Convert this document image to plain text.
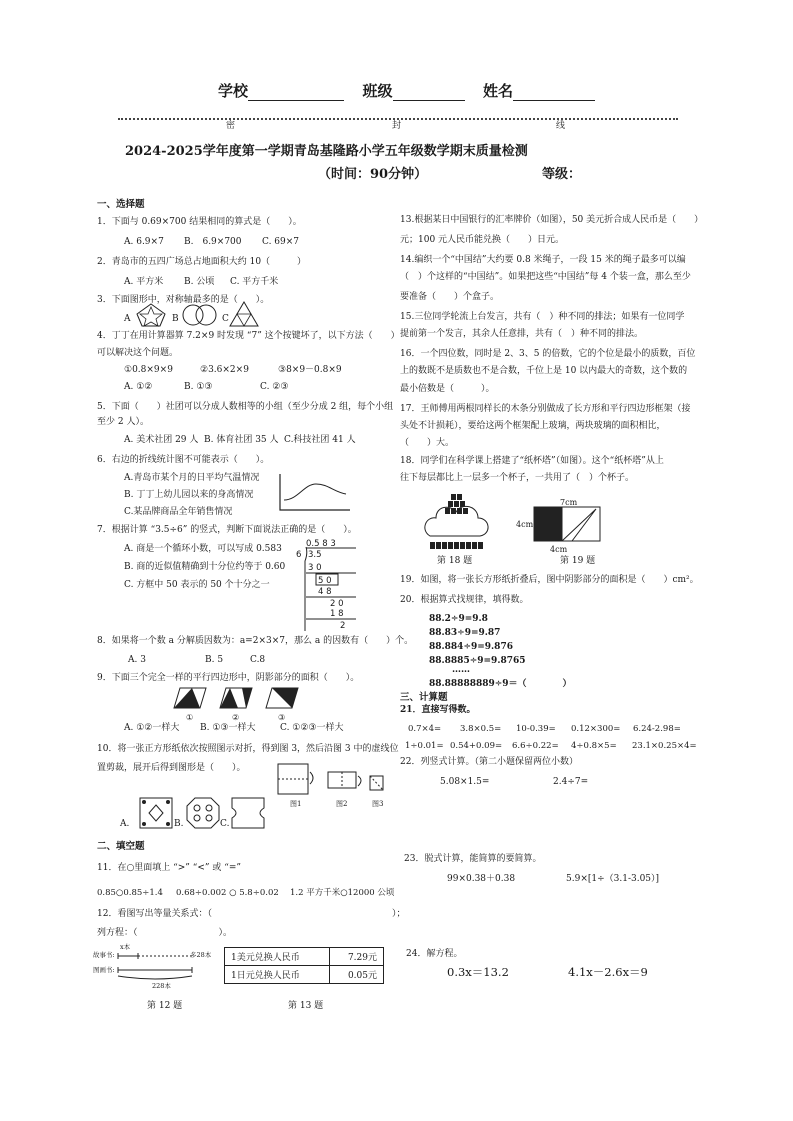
学校	班级	姓名
密	封	线
2024-2025学年度第一学期青岛基隆路小学五年级数学期末质量检测
（时间：90分钟）	等级：
一、选择题
1．下面与 0.69×700 结果相同的算式是（　　）。
A. 6.9×7 B.　6.9×700 C. 69×7
2．青岛市的五四广场总占地面积大约 10（　　　）
A. 平方米 B. 公顷 C. 平方千米
3．下面图形中，对称轴最多的是（　　）。
A	B	C
4．丁丁在用计算器算 7.2×9 时发现 “7” 这个按键坏了，以下方法（　　）
可以解决这个问题。
①0.8×9×9	②3.6×2×9	③8×9－0.8×9
A. ①②	B. ①③	C. ②③
5．下面（　　）社团可以分成人数相等的小组（至少分成 2 组，每个小组
至少 2 人）。
A. 美术社团 29 人 B. 体育社团 35 人 C.科技社团 41 人
6．右边的折线统计图不可能表示（　　）。
A.青岛市某个月的日平均气温情况
B. 丁丁上幼儿园以来的身高情况
C.某品牌商品全年销售情况
7．根据计算 “3.5÷6” 的竖式，判断下面说法正确的是（　　）。
A. 商是一个循环小数，可以写成 0.583
B. 商的近似值精确到十分位约等于 0.60
C. 方框中 50 表示的 50 个十分之一
0.5 8 3
6 3.5
3 0
5 0
4 8
2 0
1 8
2
8．如果将一个数 a 分解质因数为：a=2×3×7，那么 a 的因数有（　　）个。
A. 3	B. 5	C.8
9．下面三个完全一样的平行四边形中，阴影部分的面积（　　）。
①	②	③
A. ①②一样大 B. ①③一样大	C. ①②③一样大
10．将一张正方形纸依次按照图示对折，得到图 3，然后沿图 3 中的虚线位
置剪裁，展开后得到图形是（　　）。
图1	图2	图3
A.	B.	C.
二、填空题
11．在○里面填上 “>” “<” 或 “=”
0.85○0.85÷1.4 0.68÷0.002 ○ 5.8÷0.02 1.2 平方千米○12000 公顷
12．看图写出等量关系式：（　　　　　　　　　　　　　　　　　　　　）；
列方程：（　　　　　　　　　）。
故事书:
x本
多28本
图画书:
228本
第 12 题
1美元兑换人民币	7.29元
1日元兑换人民币	0.05元
第 13 题
13.根据某日中国银行的汇率牌价（如图），50 美元折合成人民币是（　　）
元；100 元人民币能兑换（　　）日元。
14.编织一个“中国结”大约要 0.8 米绳子，一段 15 米的绳子最多可以编
（　）个这样的“中国结”。如果把这些“中国结”每 4 个装一盒，那么至少
要准备（　　）个盒子。
15.三位同学轮流上台发言，共有（　）种不同的排法；如果有一位同学
提前第一个发言，其余人任意排，共有（　）种不同的排法。
16．一个四位数，同时是 2、3、5 的倍数，它的个位是最小的质数，百位
上的数既不是质数也不是合数，千位上是 10 以内最大的奇数，这个数的
最小倍数是（　　　）。
17．王师傅用两根同样长的木条分别做成了长方形和平行四边形框架（接
头处不计损耗），要给这两个框架配上玻璃，两块玻璃的面积相比，
（　　）大。
18．同学们在科学课上搭建了“纸杯塔”（如图）。这个“纸杯塔”从上
往下每层都比上一层多一个杯子，一共用了（　）个杯子。
第 18 题
7cm
4cm
4cm
第 19 题
19．如图，将一张长方形纸折叠后，图中阴影部分的面积是（　　）cm²。
20．根据算式找规律，填得数。
88.2÷9=9.8
88.83÷9=9.87
88.884÷9=9.876
88.8885÷9=9.8765
……
88.88888889÷9＝（　　　　）
三、计算题
21．直接写得数。
0.7×4= 3.8×0.5= 10-0.39= 0.12×300= 6.24-2.98=
1÷0.01= 0.54+0.09= 6.6÷0.22= 4÷0.8×5= 23.1×0.25×4=
22．列竖式计算。（第二小题保留两位小数）
5.08×1.5=	2.4÷7=
23．脱式计算，能简算的要简算。
99×0.38＋0.38	5.9×[1÷（3.1-3.05）]
24．解方程。
0.3x＝13.2	4.1x－2.6x＝9
